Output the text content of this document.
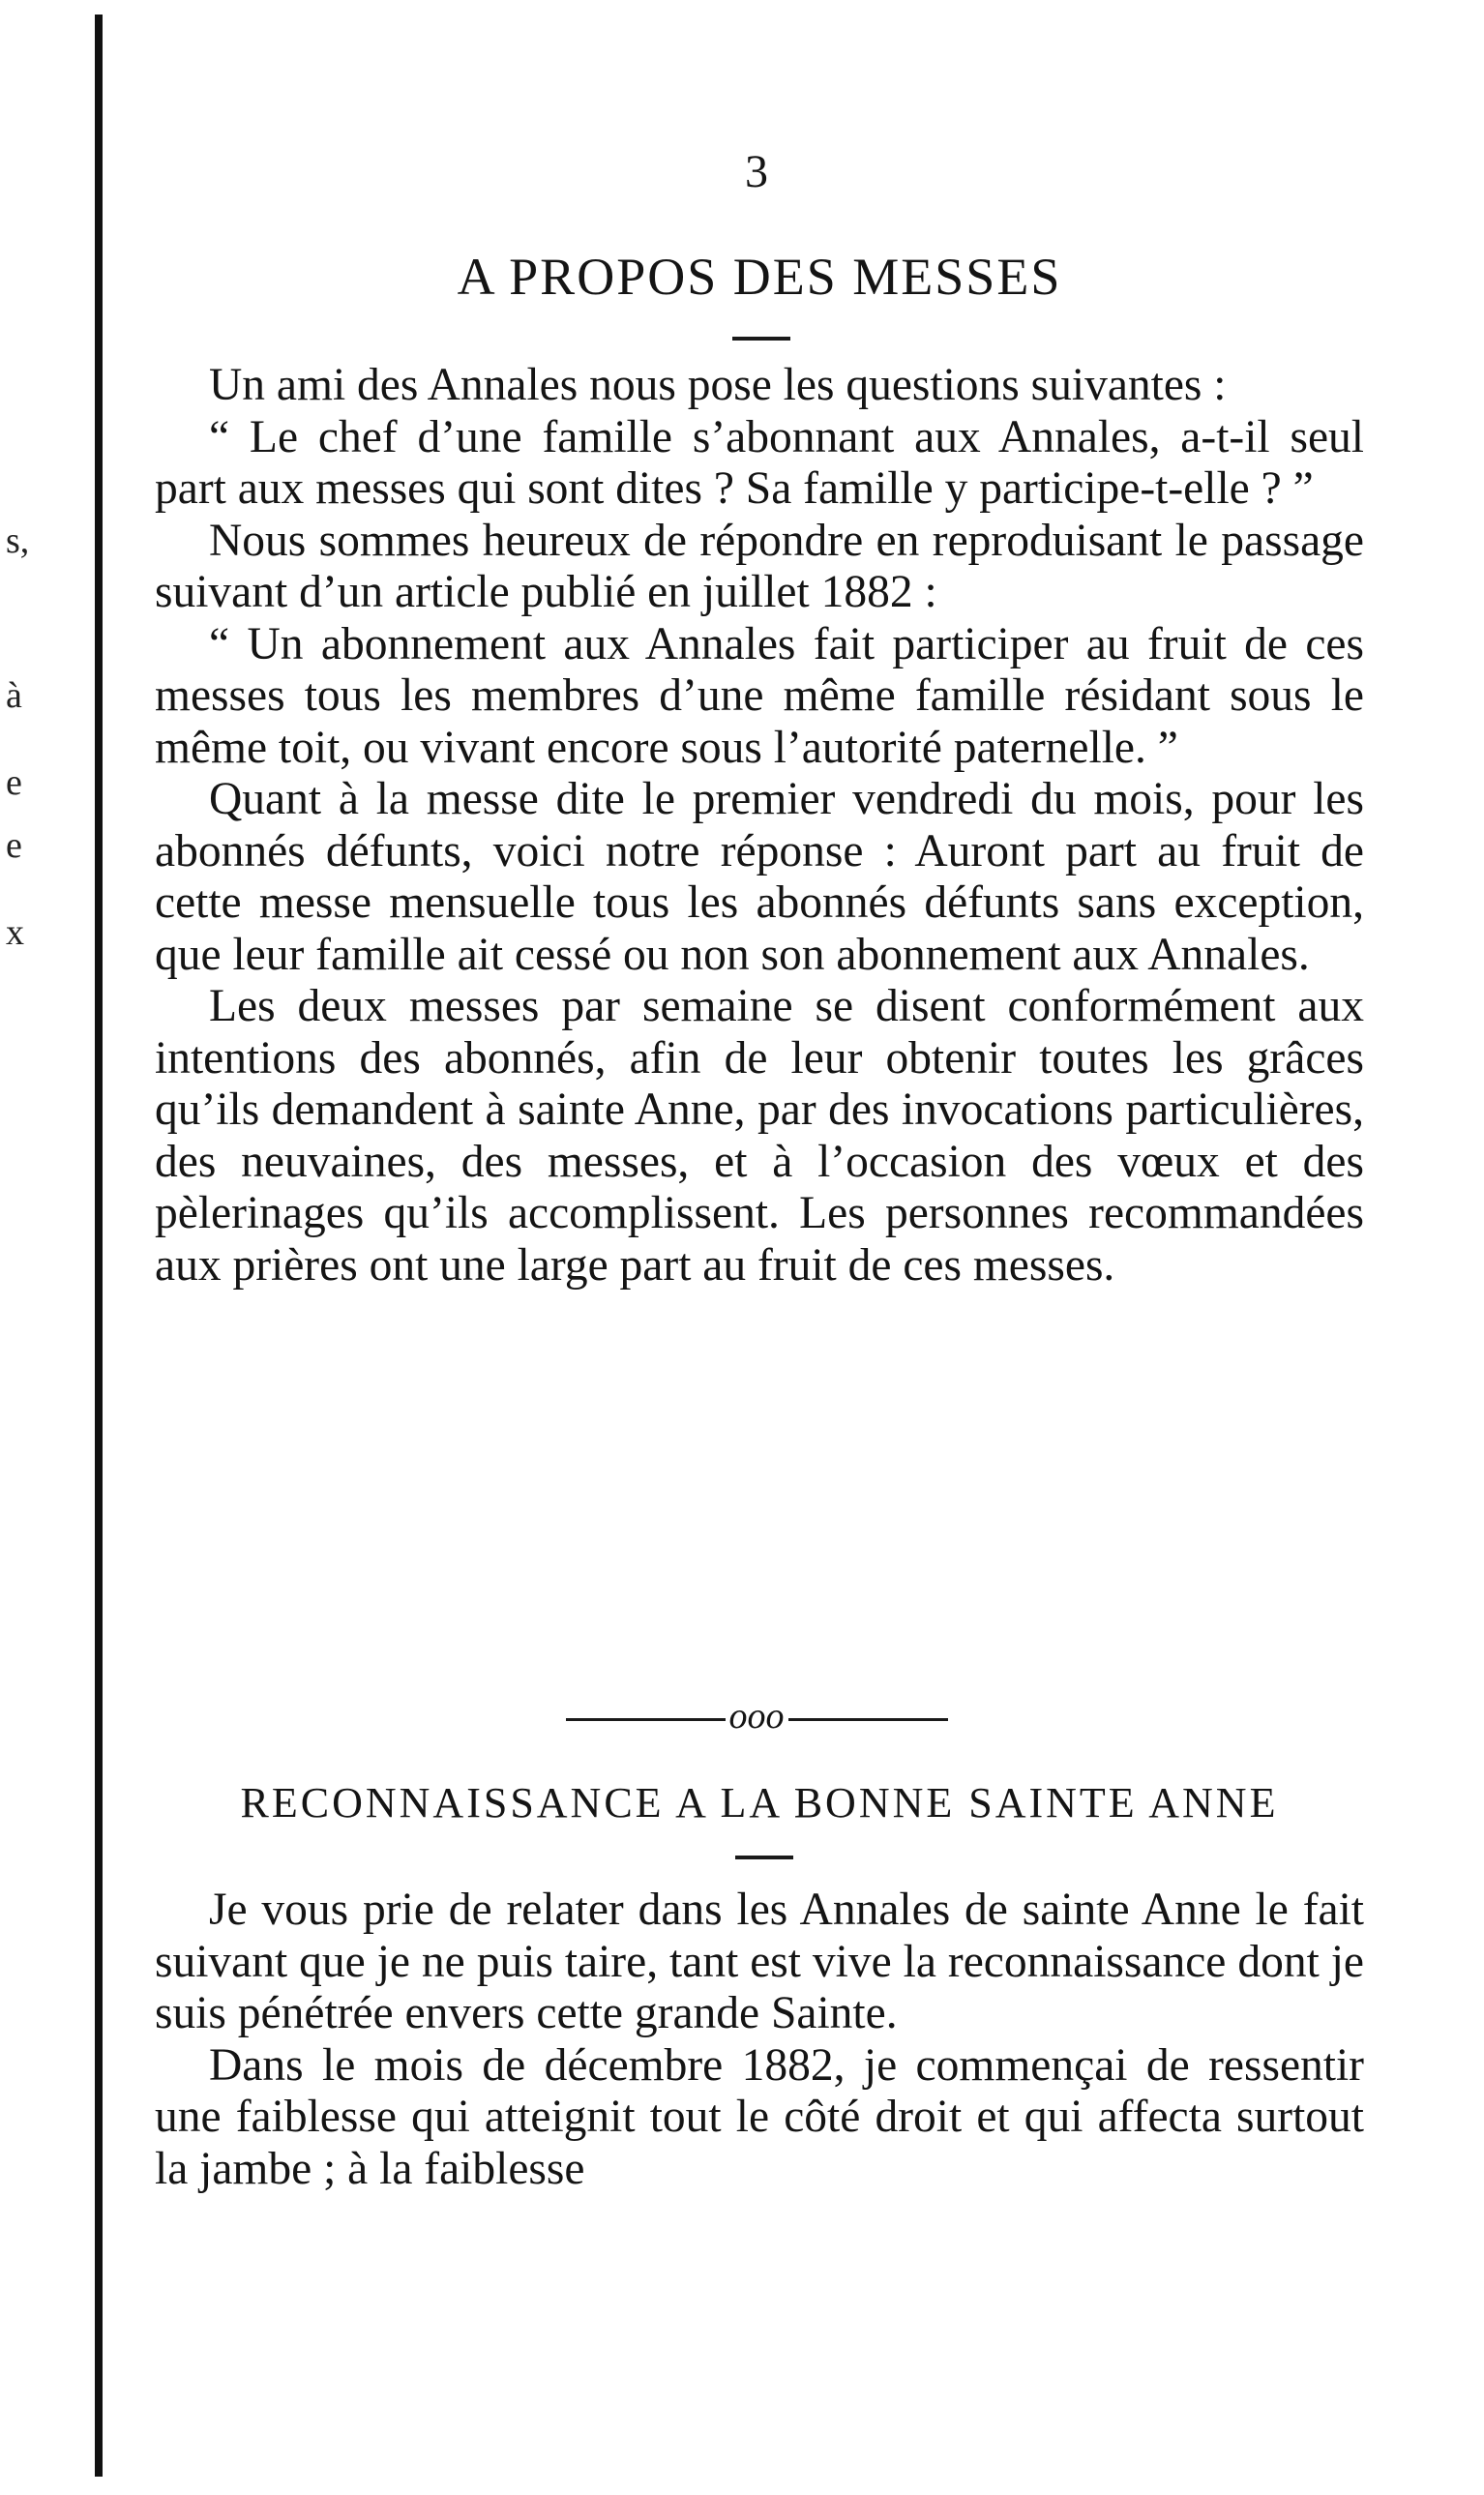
s,
à
e
e
x
3
A PROPOS DES MESSES

Un ami des Annales nous pose les questions suivantes :

“ Le chef d’une famille s’abonnant aux Annales, a-t-il seul part aux messes qui sont dites ? Sa famille y participe-t-elle ? ”

Nous sommes heureux de répondre en reproduisant le passage suivant d’un article publié en juillet 1882 :

“ Un abonnement aux Annales fait participer au fruit de ces messes tous les membres d’une même famille résidant sous le même toit, ou vivant encore sous l’autorité paternelle. ”

Quant à la messe dite le premier vendredi du mois, pour les abonnés défunts, voici notre réponse : Auront part au fruit de cette messe mensuelle tous les abonnés défunts sans exception, que leur famille ait cessé ou non son abonnement aux Annales.

Les deux messes par semaine se disent conformément aux intentions des abonnés, afin de leur obtenir toutes les grâces qu’ils demandent à sainte Anne, par des invocations particulières, des neuvaines, des messes, et à l’occasion des vœux et des pèlerinages qu’ils accomplissent. Les personnes recommandées aux prières ont une large part au fruit de ces messes.

ooo
RECONNAISSANCE A LA BONNE SAINTE ANNE

Je vous prie de relater dans les Annales de sainte Anne le fait suivant que je ne puis taire, tant est vive la reconnaissance dont je suis pénétrée envers cette grande Sainte.

Dans le mois de décembre 1882, je commençai de ressentir une faiblesse qui atteignit tout le côté droit et qui affecta surtout la jambe ; à la faiblesse
